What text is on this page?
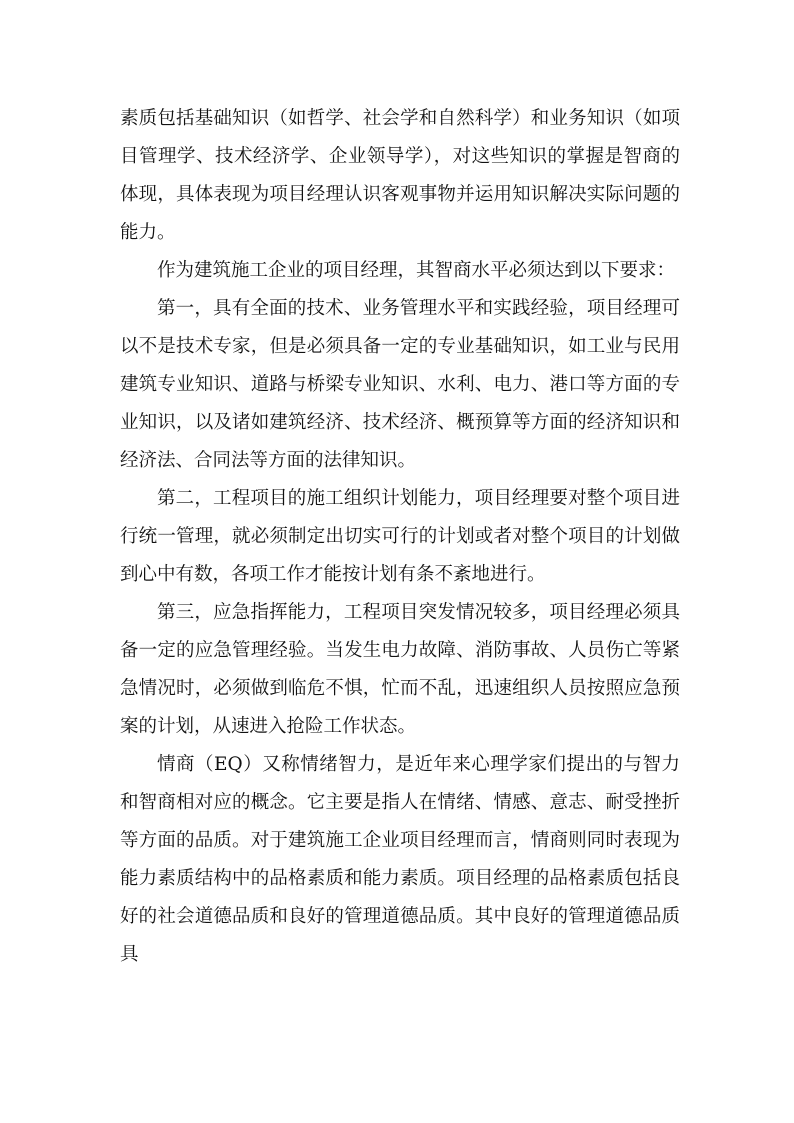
素质包括基础知识（如哲学、社会学和自然科学）和业务知识（如项目管理学、技术经济学、企业领导学），对这些知识的掌握是智商的体现，具体表现为项目经理认识客观事物并运用知识解决实际问题的能力。

作为建筑施工企业的项目经理，其智商水平必须达到以下要求：

第一，具有全面的技术、业务管理水平和实践经验，项目经理可以不是技术专家，但是必须具备一定的专业基础知识，如工业与民用建筑专业知识、道路与桥梁专业知识、水利、电力、港口等方面的专业知识，以及诸如建筑经济、技术经济、概预算等方面的经济知识和经济法、合同法等方面的法律知识。

第二，工程项目的施工组织计划能力，项目经理要对整个项目进行统一管理，就必须制定出切实可行的计划或者对整个项目的计划做到心中有数，各项工作才能按计划有条不紊地进行。

第三，应急指挥能力，工程项目突发情况较多，项目经理必须具备一定的应急管理经验。当发生电力故障、消防事故、人员伤亡等紧急情况时，必须做到临危不惧，忙而不乱，迅速组织人员按照应急预案的计划，从速进入抢险工作状态。

情商（EQ）又称情绪智力，是近年来心理学家们提出的与智力和智商相对应的概念。它主要是指人在情绪、情感、意志、耐受挫折等方面的品质。对于建筑施工企业项目经理而言，情商则同时表现为能力素质结构中的品格素质和能力素质。项目经理的品格素质包括良好的社会道德品质和良好的管理道德品质。其中良好的管理道德品质具
